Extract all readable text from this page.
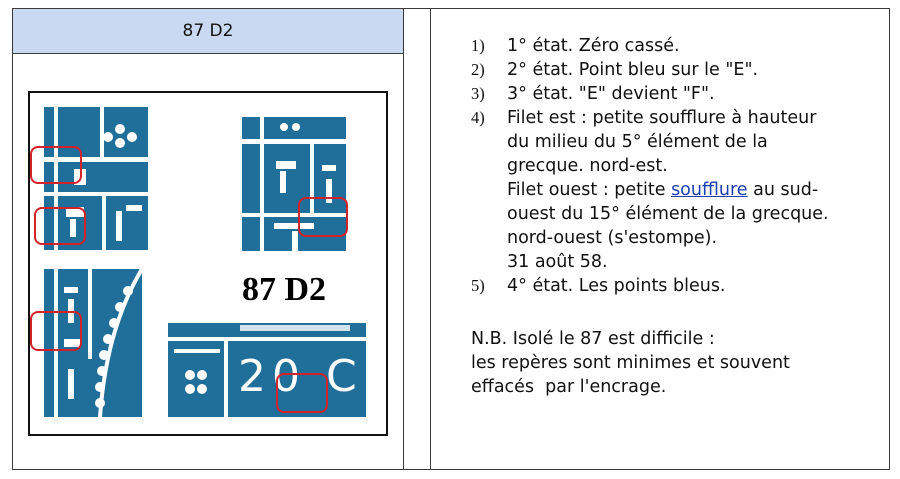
87 D2
20 C
87 D2
1)	1° état. Zéro cassé.
2)	2° état. Point bleu sur le "E".
3)	3° état. "E" devient "F".
4)	Filet est : petite soufflure à hauteur
du milieu du 5° élément de la
grecque. nord-est.
Filet ouest : petite soufflure au sud-
ouest du 15° élément de la grecque.
nord-ouest (s'estompe).
31 août 58.
5)	4° état. Les points bleus.
N.B. Isolé le 87 est difficile :
les repères sont minimes et souvent
effacés  par l'encrage.
